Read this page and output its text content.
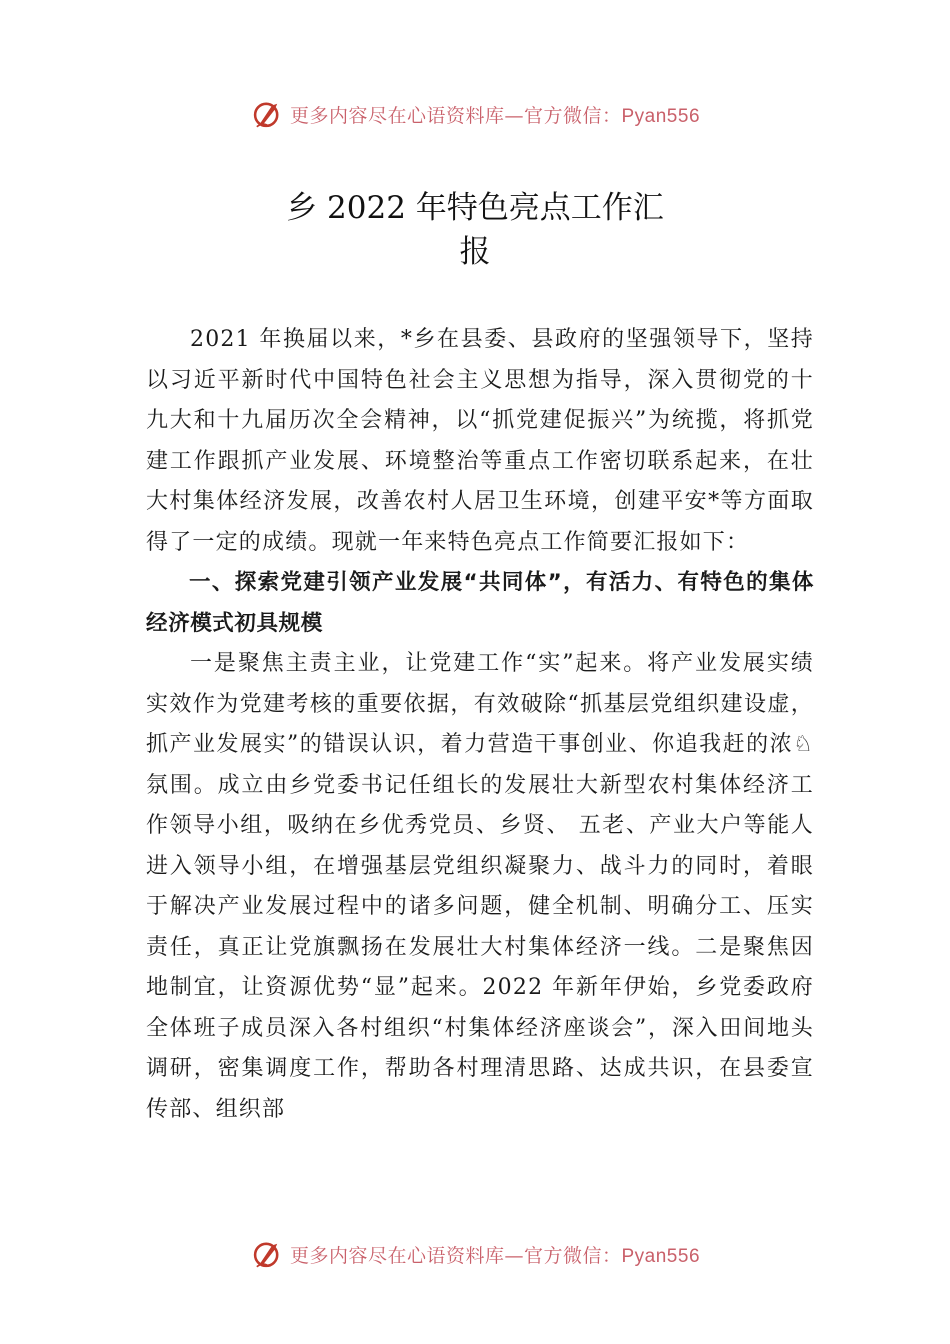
更多内容尽在心语资料库—官方微信：Pyan556
乡 2022 年特色亮点工作汇
报

2021 年换届以来，*乡在县委、县政府的坚强领导下，坚持以习近平新时代中国特色社会主义思想为指导，深入贯彻党的十九大和十九届历次全会精神，以“抓党建促振兴”为统揽，将抓党建工作跟抓产业发展、环境整治等重点工作密切联系起来，在壮大村集体经济发展，改善农村人居卫生环境，创建平安*等方面取得了一定的成绩。现就一年来特色亮点工作简要汇报如下：

一、探索党建引领产业发展“共同体”，有活力、有特色的集体经济模式初具规模

一是聚焦主责主业，让党建工作“实”起来。将产业发展实绩实效作为党建考核的重要依据，有效破除“抓基层党组织建设虚，抓产业发展实”的错误认识，着力营造干事创业、你追我赶的浓♘氛围。成立由乡党委书记任组长的发展壮大新型农村集体经济工作领导小组，吸纳在乡优秀党员、乡贤、 五老、产业大户等能人进入领导小组，在增强基层党组织凝聚力、战斗力的同时，着眼于解决产业发展过程中的诸多问题，健全机制、明确分工、压实责任，真正让党旗飘扬在发展壮大村集体经济一线。二是聚焦因地制宜，让资源优势“显”起来。2022 年新年伊始，乡党委政府全体班子成员深入各村组织“村集体经济座谈会”，深入田间地头调研，密集调度工作，帮助各村理清思路、达成共识，在县委宣传部、组织部

更多内容尽在心语资料库—官方微信：Pyan556
